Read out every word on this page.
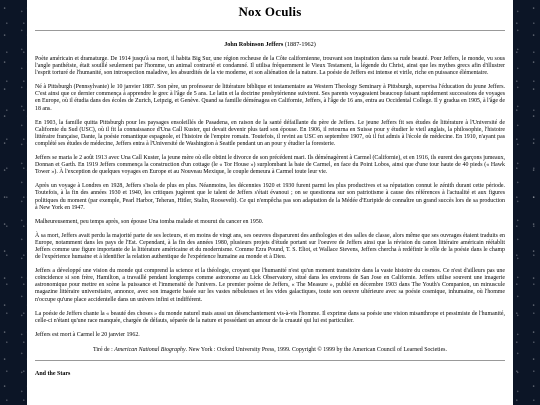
Nox Oculis
John Robinson Jeffers (1887-1962)

Poète américain et dramaturge. De 1914 jusqu'à sa mort, il habita Big Sur, une région rocheuse de la Côte californienne, trouvant son inspiration dans sa rude beauté. Pour Jeffers, le monde, vu sous l'angle panthéiste, était souillé seulement par l'homme, un animal contrarié et condamné. Il utilisa fréquemment le Vieux Testament, la légende du Christ, ainsi que les mythes grecs afin d'illustrer l'esprit torturé de l'humanité, son introspection maladive, les absurdités de la vie moderne, et son aliénation de la nature. La poésie de Jeffers est intense et virile, riche en puissance élémentaire.

Né à Pittsburgh (Pennsylvanie) le 10 janvier 1887. Son père, un professeur de littérature biblique et testamentaire au Western Theology Seminary à Pittsburgh, supervisa l'éducation du jeune Jeffers. C'est ainsi que ce dernier commença à apprendre le grec à l'âge de 5 ans. Le latin et la doctrine presbytérienne suivirent. Ses parents voyageaient beaucoup faisant rapidement successions de voyages en Europe, où il étudia dans des écoles de Zurich, Leipzig, et Genève. Quand sa famille déménagea en Californie, Jeffers, à l'âge de 16 ans, entra au Occidental College. Il y gradua en 1905, à l'âge de 18 ans.

En 1903, la famille quitta Pittsburgh pour les paysages ensoleillés de Pasadena, en raison de la santé défaillante du père de Jeffers. Le jeune Jeffers fit ses études de littérature à l'Université de Californie du Sud (USC), où il fit la connaissance d'Una Call Kuster, qui devait devenir plus tard son épouse. En 1906, il retourna en Suisse pour y étudier le vieil anglais, la philosophie, l'histoire littéraire française, Dante, la poésie romantique espagnole, et l'histoire de l'empire romain. Toutefois, il revint au USC en septembre 1907, où il fut admis à l'école de médecine. En 1910, n'ayant pas complété ses études de médecine, Jeffers entra à l'Université de Washington à Seattle pendant un an pour y étudier la foresterie.

Jeffers se maria le 2 août 1913 avec Una Call Kuster, la jeune mère où elle obtint le divorce de son précédent mari. Ils déménagèrent à Carmel (Californie), et en 1916, ils eurent des garçons jumeaux, Donnan et Garth. En 1919 Jeffers commença la construction d'un cottage (le « Tor House ») surplombant la baie de Carmel, en face du Point Lobos, ainsi que d'une tour haute de 40 pieds (« Hawk Tower »). À l'exception de quelques voyages en Europe et au Nouveau Mexique, le couple demeura à Carmel toute leur vie.

Après un voyage à Londres en 1928, Jeffers s'isola de plus en plus. Néanmoins, les décennies 1920 et 1930 furent parmi les plus productives et sa réputation connut le zénith durant cette période. Toutefois, à la fin des années 1930 et 1940, les critiques jugèrent que le talent de Jeffers s'était évanoui ; on se questionna sur son patriotisme à cause des références à l'actualité et aux figures politiques du moment (par exemple, Pearl Harbor, Teheran, Hitler, Stalin, Roosevelt). Ce qui n'empêcha pas son adaptation de la Médée d'Euripide de connaître un grand succès lors de sa production à New York en 1947.

Malheureusement, peu temps après, son épouse Una tomba malade et mourut du cancer en 1950.

À sa mort, Jeffers avait perdu la majorité parte de ses lecteurs, et en moins de vingt ans, ses oeuvres disparurent des anthologies et des salles de classe, alors même que ses ouvrages étaient traduits en Europe, notamment dans les pays de l'Est. Cependant, à la fin des années 1980, plusieurs projets d'étude portant sur l'oeuvre de Jeffers ainsi que la révision du canon littéraire américain réétablit Jeffers comme une figure importante de la littérature américaine et du modernisme. Comme Ezra Pound, T. S. Eliot, et Wallace Stevens, Jeffers chercha à redéfinir le rôle de la poésie dans le champ de l'expérience humaine et à identifier la relation authentique de l'expérience humaine au monde et à Dieu.

Jeffers a développé une vision du monde qui comprend la science et la théologie, croyant que l'humanité n'est qu'un moment transitoire dans la vaste histoire du cosmos. Ce n'est d'ailleurs pas une coïncidence si son frère, Hamilton, a travaillé pendant longtemps comme astronome au Lick Observatory, situé dans les environs de San Jose en Californie. Jeffers utilise souvent une imagerie astronomique pour mettre en scène la puissance et l'immensité de l'univers. Le premier poème de Jeffers, « The Measure », publié en décembre 1903 dans The Youth's Companion, un minuscule magazine littéraire universitaire, annonce, avec son imagerie basée sur les vastes nébuleuses et les vides galactiques, toute son oeuvre ultérieure avec sa poésie cosmique, inhumaine, où l'homme n'occupe qu'une place accidentelle dans un univers infini et indifférent.

La poésie de Jeffers chante la « beauté des choses » du monde naturel mais aussi un désenchantement vis-à-vis l'homme. Il exprime dans sa poésie une vision misanthrope et pessimiste de l'humanité, celle-ci n'étant qu'une race manquée, chargée de défauts, séparée de la nature et possédant un amour de la cruauté qui lui est particulier.

Jeffers est mort à Carmel le 20 janvier 1962.

Tiré de : American National Biography. New York : Oxford University Press, 1999. Copyright © 1999 by the American Council of Learned Societies.
And the Stars
